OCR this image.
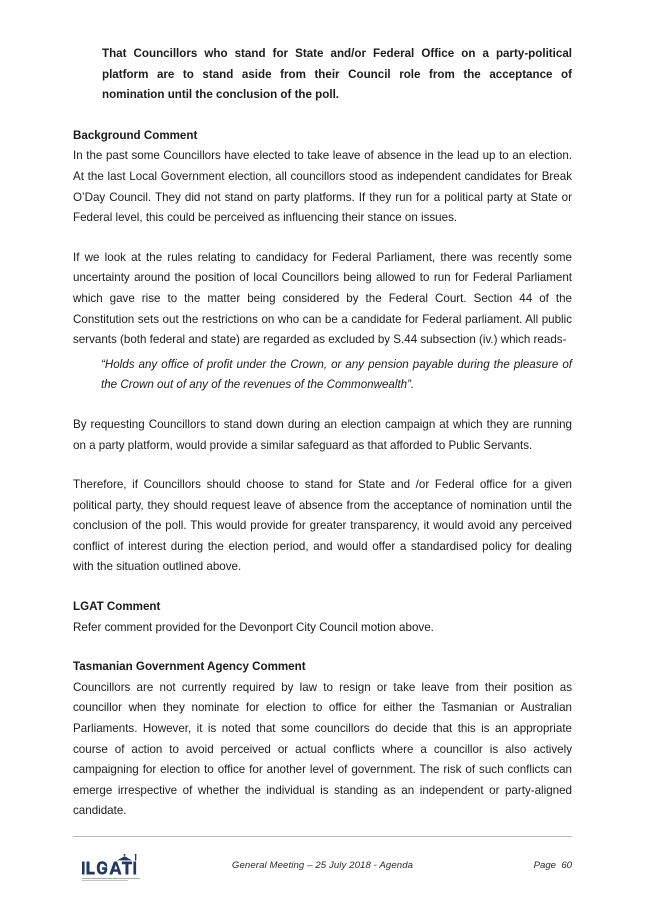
That Councillors who stand for State and/or Federal Office on a party-political platform are to stand aside from their Council role from the acceptance of nomination until the conclusion of the poll.

Background Comment

In the past some Councillors have elected to take leave of absence in the lead up to an election. At the last Local Government election, all councillors stood as independent candidates for Break O’Day Council. They did not stand on party platforms. If they run for a political party at State or Federal level, this could be perceived as influencing their stance on issues.

If we look at the rules relating to candidacy for Federal Parliament, there was recently some uncertainty around the position of local Councillors being allowed to run for Federal Parliament which gave rise to the matter being considered by the Federal Court. Section 44 of the Constitution sets out the restrictions on who can be a candidate for Federal parliament. All public servants (both federal and state) are regarded as excluded by S.44 subsection (iv.) which reads-

“Holds any office of profit under the Crown, or any pension payable during the pleasure of the Crown out of any of the revenues of the Commonwealth”.

By requesting Councillors to stand down during an election campaign at which they are running on a party platform, would provide a similar safeguard as that afforded to Public Servants.

Therefore, if Councillors should choose to stand for State and /or Federal office for a given political party, they should request leave of absence from the acceptance of nomination until the conclusion of the poll. This would provide for greater transparency, it would avoid any perceived conflict of interest during the election period, and would offer a standardised policy for dealing with the situation outlined above.

LGAT Comment

Refer comment provided for the Devonport City Council motion above.

Tasmanian Government Agency Comment

Councillors are not currently required by law to resign or take leave from their position as councillor when they nominate for election to office for either the Tasmanian or Australian Parliaments. However, it is noted that some councillors do decide that this is an appropriate course of action to avoid perceived or actual conflicts where a councillor is also actively campaigning for election to office for another level of government. The risk of such conflicts can emerge irrespective of whether the individual is standing as an independent or party-aligned candidate.

General Meeting – 25 July 2018 - Agenda	Page  60
